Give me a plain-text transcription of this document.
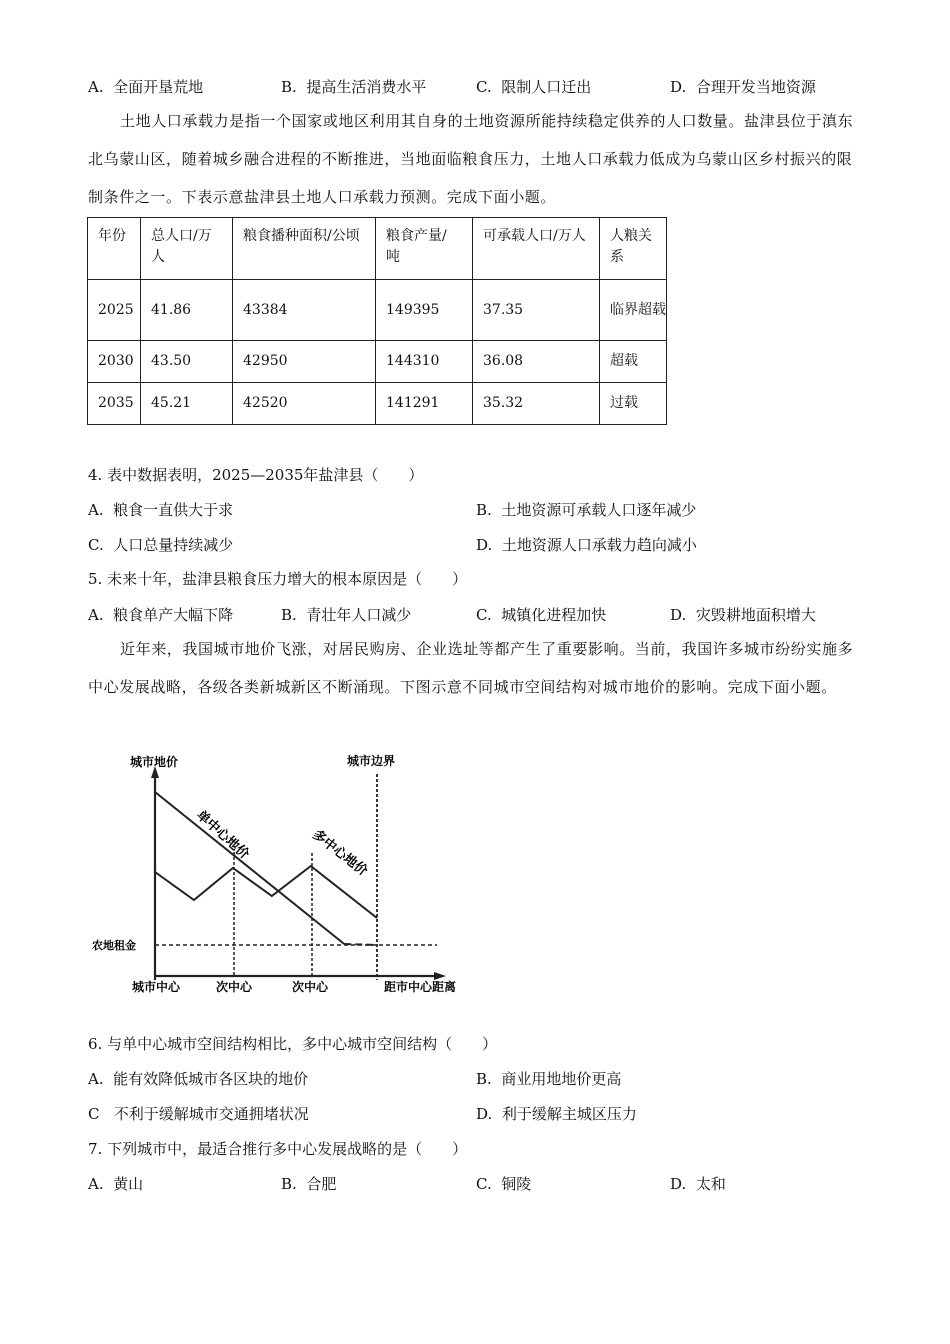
A. 全面开垦荒地	B. 提高生活消费水平	C. 限制人口迁出	D. 合理开发当地资源
土地人口承载力是指一个国家或地区利用其自身的土地资源所能持续稳定供养的人口数量。盐津县位于滇东北乌蒙山区，随着城乡融合进程的不断推进，当地面临粮食压力，土地人口承载力低成为乌蒙山区乡村振兴的限制条件之一。下表示意盐津县土地人口承载力预测。完成下面小题。
年份	总人口/万人	粮食播种面积/公顷	粮食产量/吨	可承载人口/万人	人粮关系
2025	41.86	43384	149395	37.35	临界超载
2030	43.50	42950	144310	36.08	超载
2035	45.21	42520	141291	35.32	过载
4. 表中数据表明，2025—2035年盐津县（　　）
A. 粮食一直供大于求	B. 土地资源可承载人口逐年减少
C. 人口总量持续减少	D. 土地资源人口承载力趋向减小
5. 未来十年，盐津县粮食压力增大的根本原因是（　　）
A. 粮食单产大幅下降	B. 青壮年人口减少	C. 城镇化进程加快	D. 灾毁耕地面积增大
近年来，我国城市地价飞涨，对居民购房、企业选址等都产生了重要影响。当前，我国许多城市纷纷实施多中心发展战略，各级各类新城新区不断涌现。下图示意不同城市空间结构对城市地价的影响。完成下面小题。
城市地价
距市中心距离
农地租金
城市边界
单中心地价	多中心地价
城市中心	次中心	次中心
6. 与单中心城市空间结构相比，多中心城市空间结构（　　）
A. 能有效降低城市各区块的地价	B. 商业用地地价更高
C 不利于缓解城市交通拥堵状况	D. 利于缓解主城区压力
7. 下列城市中，最适合推行多中心发展战略的是（　　）
A. 黄山	B. 合肥	C. 铜陵	D. 太和
